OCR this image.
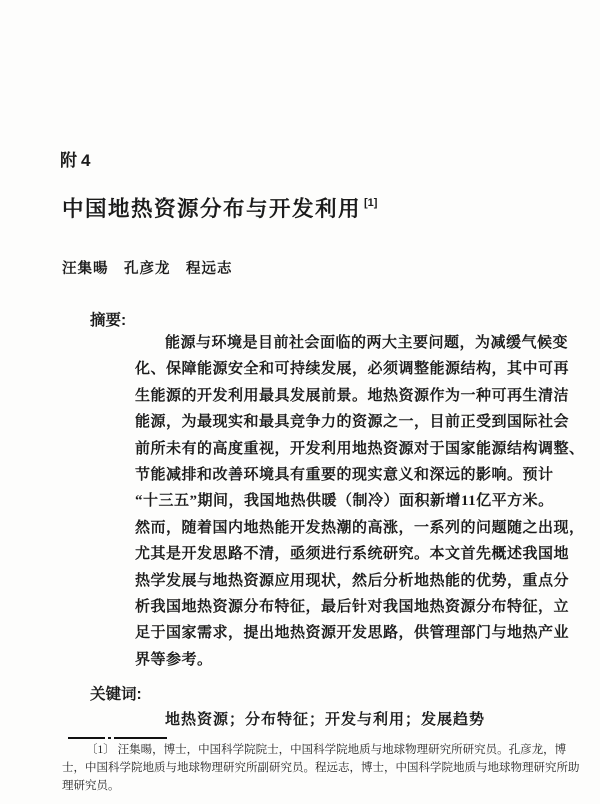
附4
中国地热资源分布与开发利用 [1]
汪集暘　孔彦龙　程远志
摘要:
能源与环境是目前社会面临的两大主要问题，为减缓气候变
化、保障能源安全和可持续发展，必须调整能源结构，其中可再
生能源的开发利用最具发展前景。地热资源作为一种可再生清洁
能源，为最现实和最具竞争力的资源之一，目前正受到国际社会
前所未有的高度重视，开发利用地热资源对于国家能源结构调整、
节能减排和改善环境具有重要的现实意义和深远的影响。预计
“十三五”期间，我国地热供暖（制冷）面积新增11亿平方米。
然而，随着国内地热能开发热潮的高涨，一系列的问题随之出现，
尤其是开发思路不清，亟须进行系统研究。本文首先概述我国地
热学发展与地热资源应用现状，然后分析地热能的优势，重点分
析我国地热资源分布特征，最后针对我国地热资源分布特征，立
足于国家需求，提出地热资源开发思路，供管理部门与地热产业
界等参考。
关键词:
地热资源；分布特征；开发与利用；发展趋势
〔1〕 汪集暘，博士，中国科学院院士，中国科学院地质与地球物理研究所研究员。孔彦龙，博
士，中国科学院地质与地球物理研究所副研究员。程远志，博士，中国科学院地质与地球物理研究所助
理研究员。
